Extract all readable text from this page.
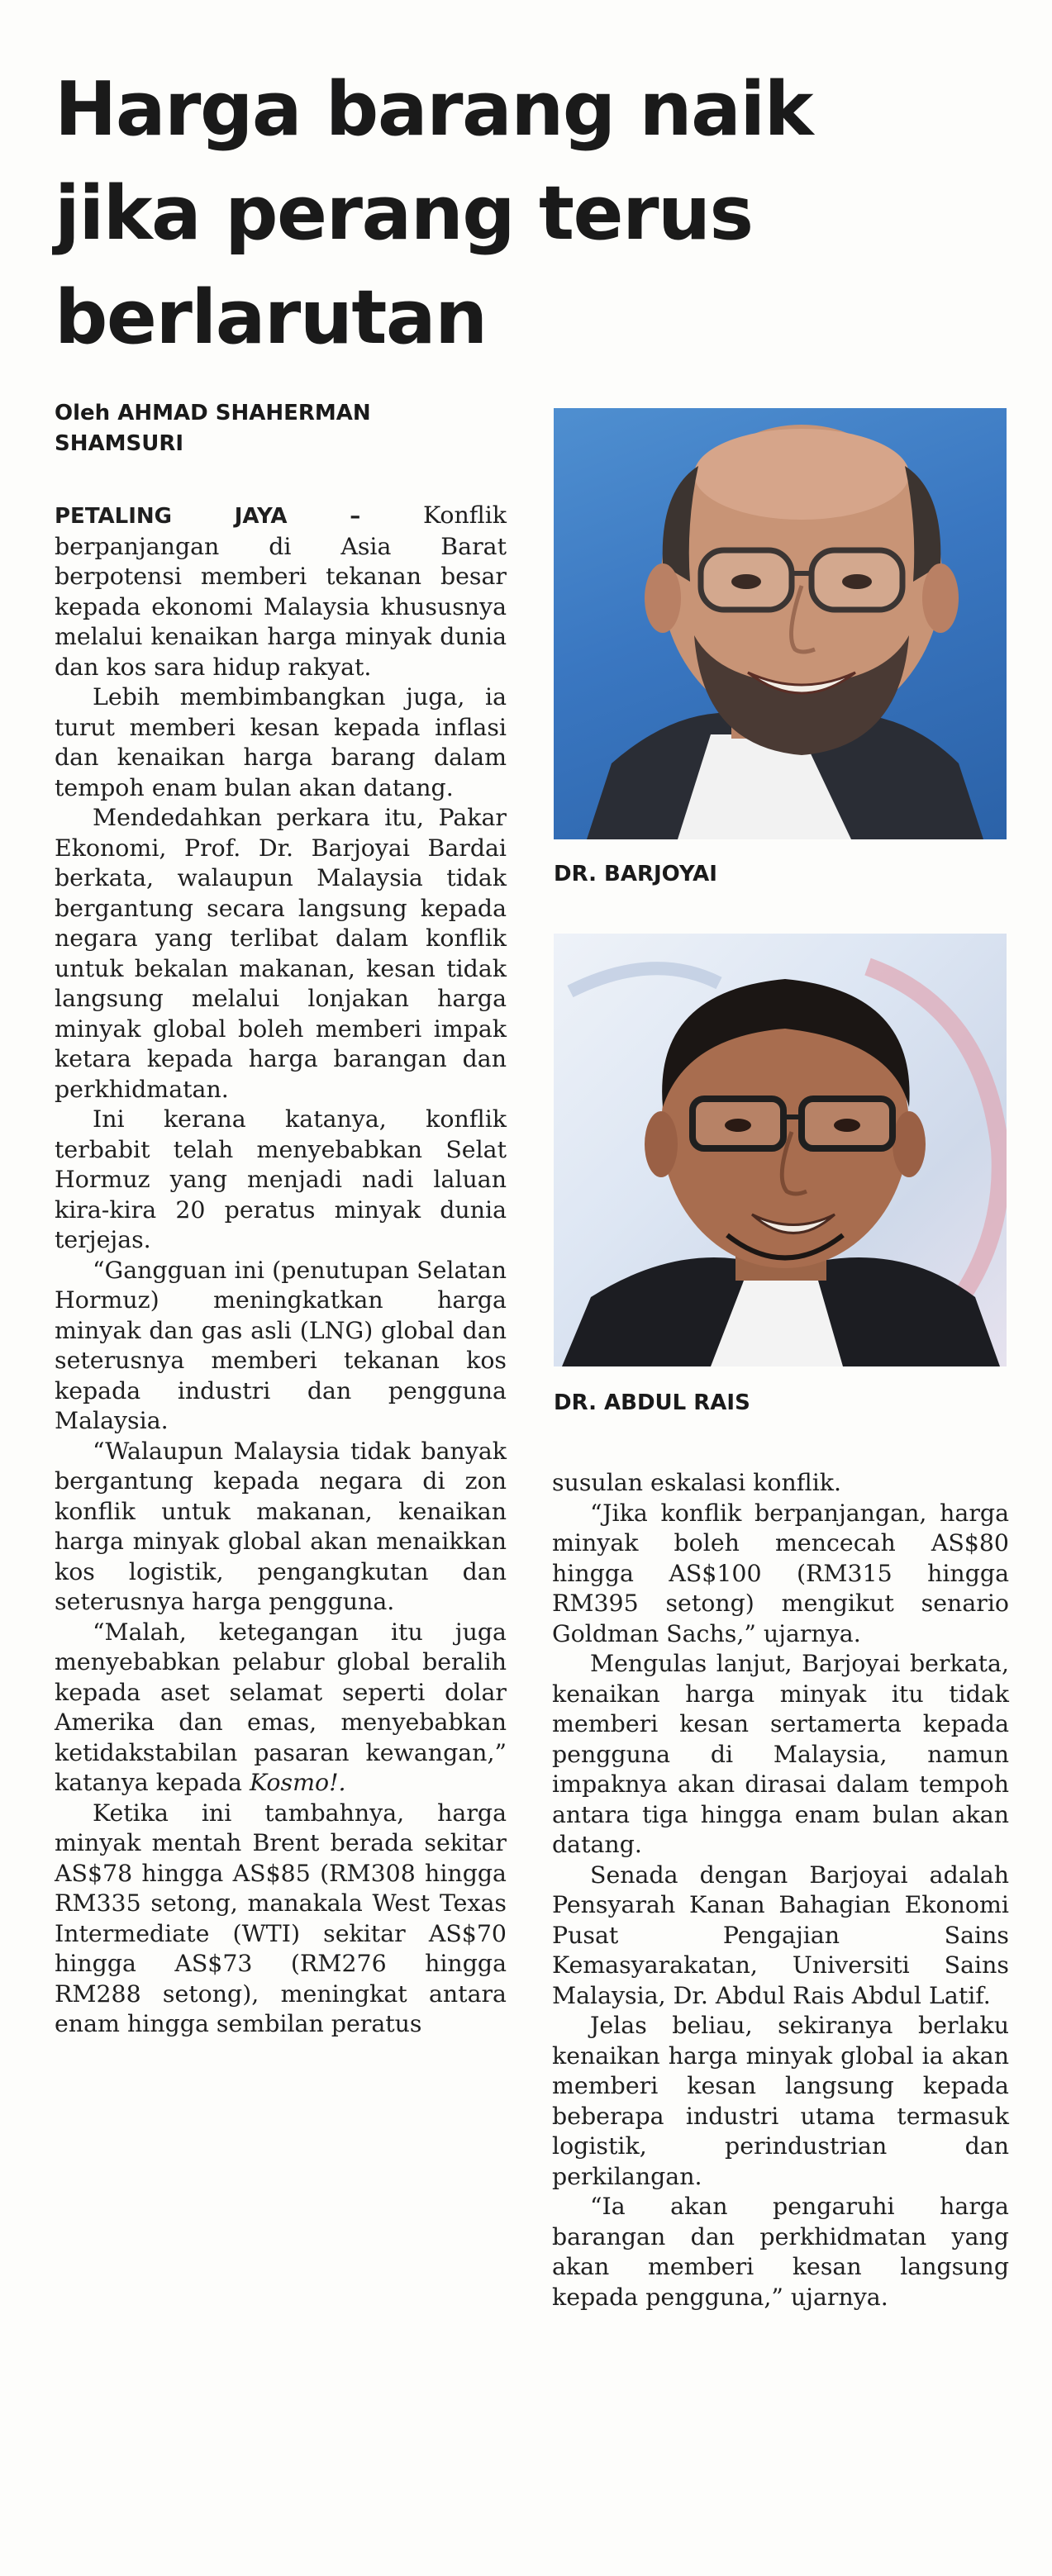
Harga barang naik
jika perang terus
berlarutan
Oleh AHMAD SHAHERMAN
SHAMSURI

PETALING JAYA – Konflik berpanjangan di Asia Barat berpotensi memberi tekanan besar kepada ekonomi Malaysia khususnya melalui kenaikan harga minyak dunia dan kos sara hidup rakyat.

Lebih membimbangkan juga, ia turut memberi kesan kepada inflasi dan kenaikan harga barang dalam tempoh enam bulan akan datang.

Mendedahkan perkara itu, Pakar Ekonomi, Prof. Dr. Barjoyai Bardai berkata, walaupun Malaysia tidak bergantung secara langsung kepada negara yang terlibat dalam konflik untuk bekalan makanan, kesan tidak langsung melalui lonjakan harga minyak global boleh memberi impak ketara kepada harga barangan dan perkhidmatan.

Ini kerana katanya, konflik terbabit telah menyebabkan Selat Hormuz yang menjadi nadi laluan kira-kira 20 peratus minyak dunia terjejas.

“Gangguan ini (penutupan Selatan Hormuz) meningkatkan harga minyak dan gas asli (LNG) global dan seterusnya memberi tekanan kos kepada industri dan pengguna Malaysia.

“Walaupun Malaysia tidak banyak bergantung kepada negara di zon konflik untuk makanan, kenaikan harga minyak global akan menaikkan kos logistik, pengangkutan dan seterusnya harga pengguna.

“Malah, ketegangan itu juga menyebabkan pelabur global beralih kepada aset selamat seperti dolar Amerika dan emas, menyebabkan ketidakstabilan pasaran kewangan,” katanya kepada Kosmo!.

Ketika ini tambahnya, harga minyak mentah Brent berada sekitar AS$78 hingga AS$85 (RM308 hingga RM335 setong, manakala West Texas Intermediate (WTI) sekitar AS$70 hingga AS$73 (RM276 hingga RM288 setong), meningkat antara enam hingga sembilan peratus

DR. BARJOYAI
DR. ABDUL RAIS

susulan eskalasi konflik.

“Jika konflik berpanjangan, harga minyak boleh mencecah AS$80 hingga AS$100 (RM315 hingga RM395 setong) mengikut senario Goldman Sachs,” ujarnya.

Mengulas lanjut, Barjoyai berkata, kenaikan harga minyak itu tidak memberi kesan sertamerta kepada pengguna di Malaysia, namun impaknya akan dirasai dalam tempoh antara tiga hingga enam bulan akan datang.

Senada dengan Barjoyai adalah Pensyarah Kanan Bahagian Ekonomi Pusat Pengajian Sains Kemasyarakatan, Universiti Sains Malaysia, Dr. Abdul Rais Abdul Latif.

Jelas beliau, sekiranya berlaku kenaikan harga minyak global ia akan memberi kesan langsung kepada beberapa industri utama termasuk logistik, perindustrian dan perkilangan.

“Ia akan pengaruhi harga barangan dan perkhidmatan yang akan memberi kesan langsung kepada pengguna,” ujarnya.
